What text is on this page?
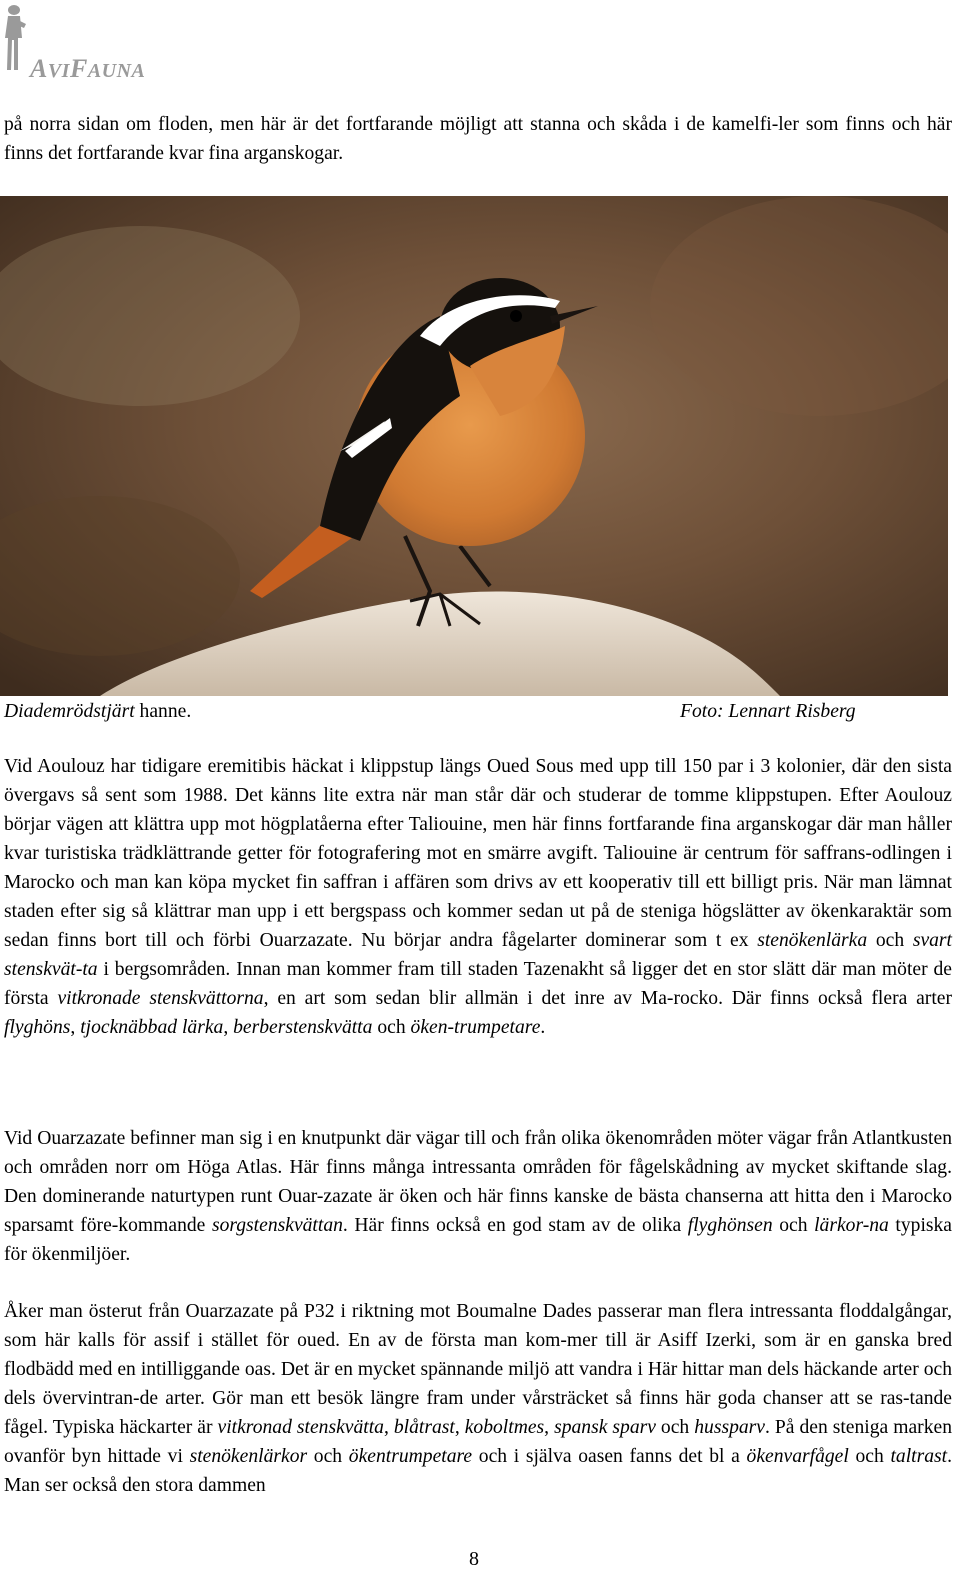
AVIFAUNA

på norra sidan om floden, men här är det fortfarande möjligt att stanna och skåda i de kamelfi-ler som finns och här finns det fortfarande kvar fina arganskogar.

Diademrödstjärt hanne.	Foto: Lennart Risberg

Vid Aoulouz har tidigare eremitibis häckat i klippstup längs Oued Sous med upp till 150 par i 3 kolonier, där den sista övergavs så sent som 1988. Det känns lite extra när man står där och studerar de tomme klippstupen. Efter Aoulouz börjar vägen att klättra upp mot högplatåerna efter Taliouine, men här finns fortfarande fina arganskogar där man håller kvar turistiska trädklättrande getter för fotografering mot en smärre avgift. Taliouine är centrum för saffrans-odlingen i Marocko och man kan köpa mycket fin saffran i affären som drivs av ett kooperativ till ett billigt pris. När man lämnat staden efter sig så klättrar man upp i ett bergspass och kommer sedan ut på de steniga högslätter av ökenkaraktär som sedan finns bort till och förbi Ouarzazate. Nu börjar andra fågelarter dominerar som t ex stenökenlärka och svart stenskvät-ta i bergsområden. Innan man kommer fram till staden Tazenakht så ligger det en stor slätt där man möter de första vitkronade stenskvättorna, en art som sedan blir allmän i det inre av Ma-rocko. Där finns också flera arter flyghöns, tjocknäbbad lärka, berberstenskvätta och öken-trumpetare.

Vid Ouarzazate befinner man sig i en knutpunkt där vägar till och från olika ökenområden möter vägar från Atlantkusten och områden norr om Höga Atlas. Här finns många intressanta områden för fågelskådning av mycket skiftande slag. Den dominerande naturtypen runt Ouar-zazate är öken och här finns kanske de bästa chanserna att hitta den i Marocko sparsamt före-kommande sorgstenskvättan. Här finns också en god stam av de olika flyghönsen och lärkor-na typiska för ökenmiljöer.

Åker man österut från Ouarzazate på P32 i riktning mot Boumalne Dades passerar man flera intressanta floddalgångar, som här kalls för assif i stället för oued. En av de första man kom-mer till är Asiff Izerki, som är en ganska bred flodbädd med en intilliggande oas. Det är en mycket spännande miljö att vandra i Här hittar man dels häckande arter och dels övervintran-de arter. Gör man ett besök längre fram under vårsträcket så finns här goda chanser att se ras-tande fågel. Typiska häckarter är vitkronad stenskvätta, blåtrast, koboltmes, spansk sparv och hussparv. På den steniga marken ovanför byn hittade vi stenökenlärkor och ökentrumpetare och i själva oasen fanns det bl a ökenvarfågel och taltrast. Man ser också den stora dammen

8
